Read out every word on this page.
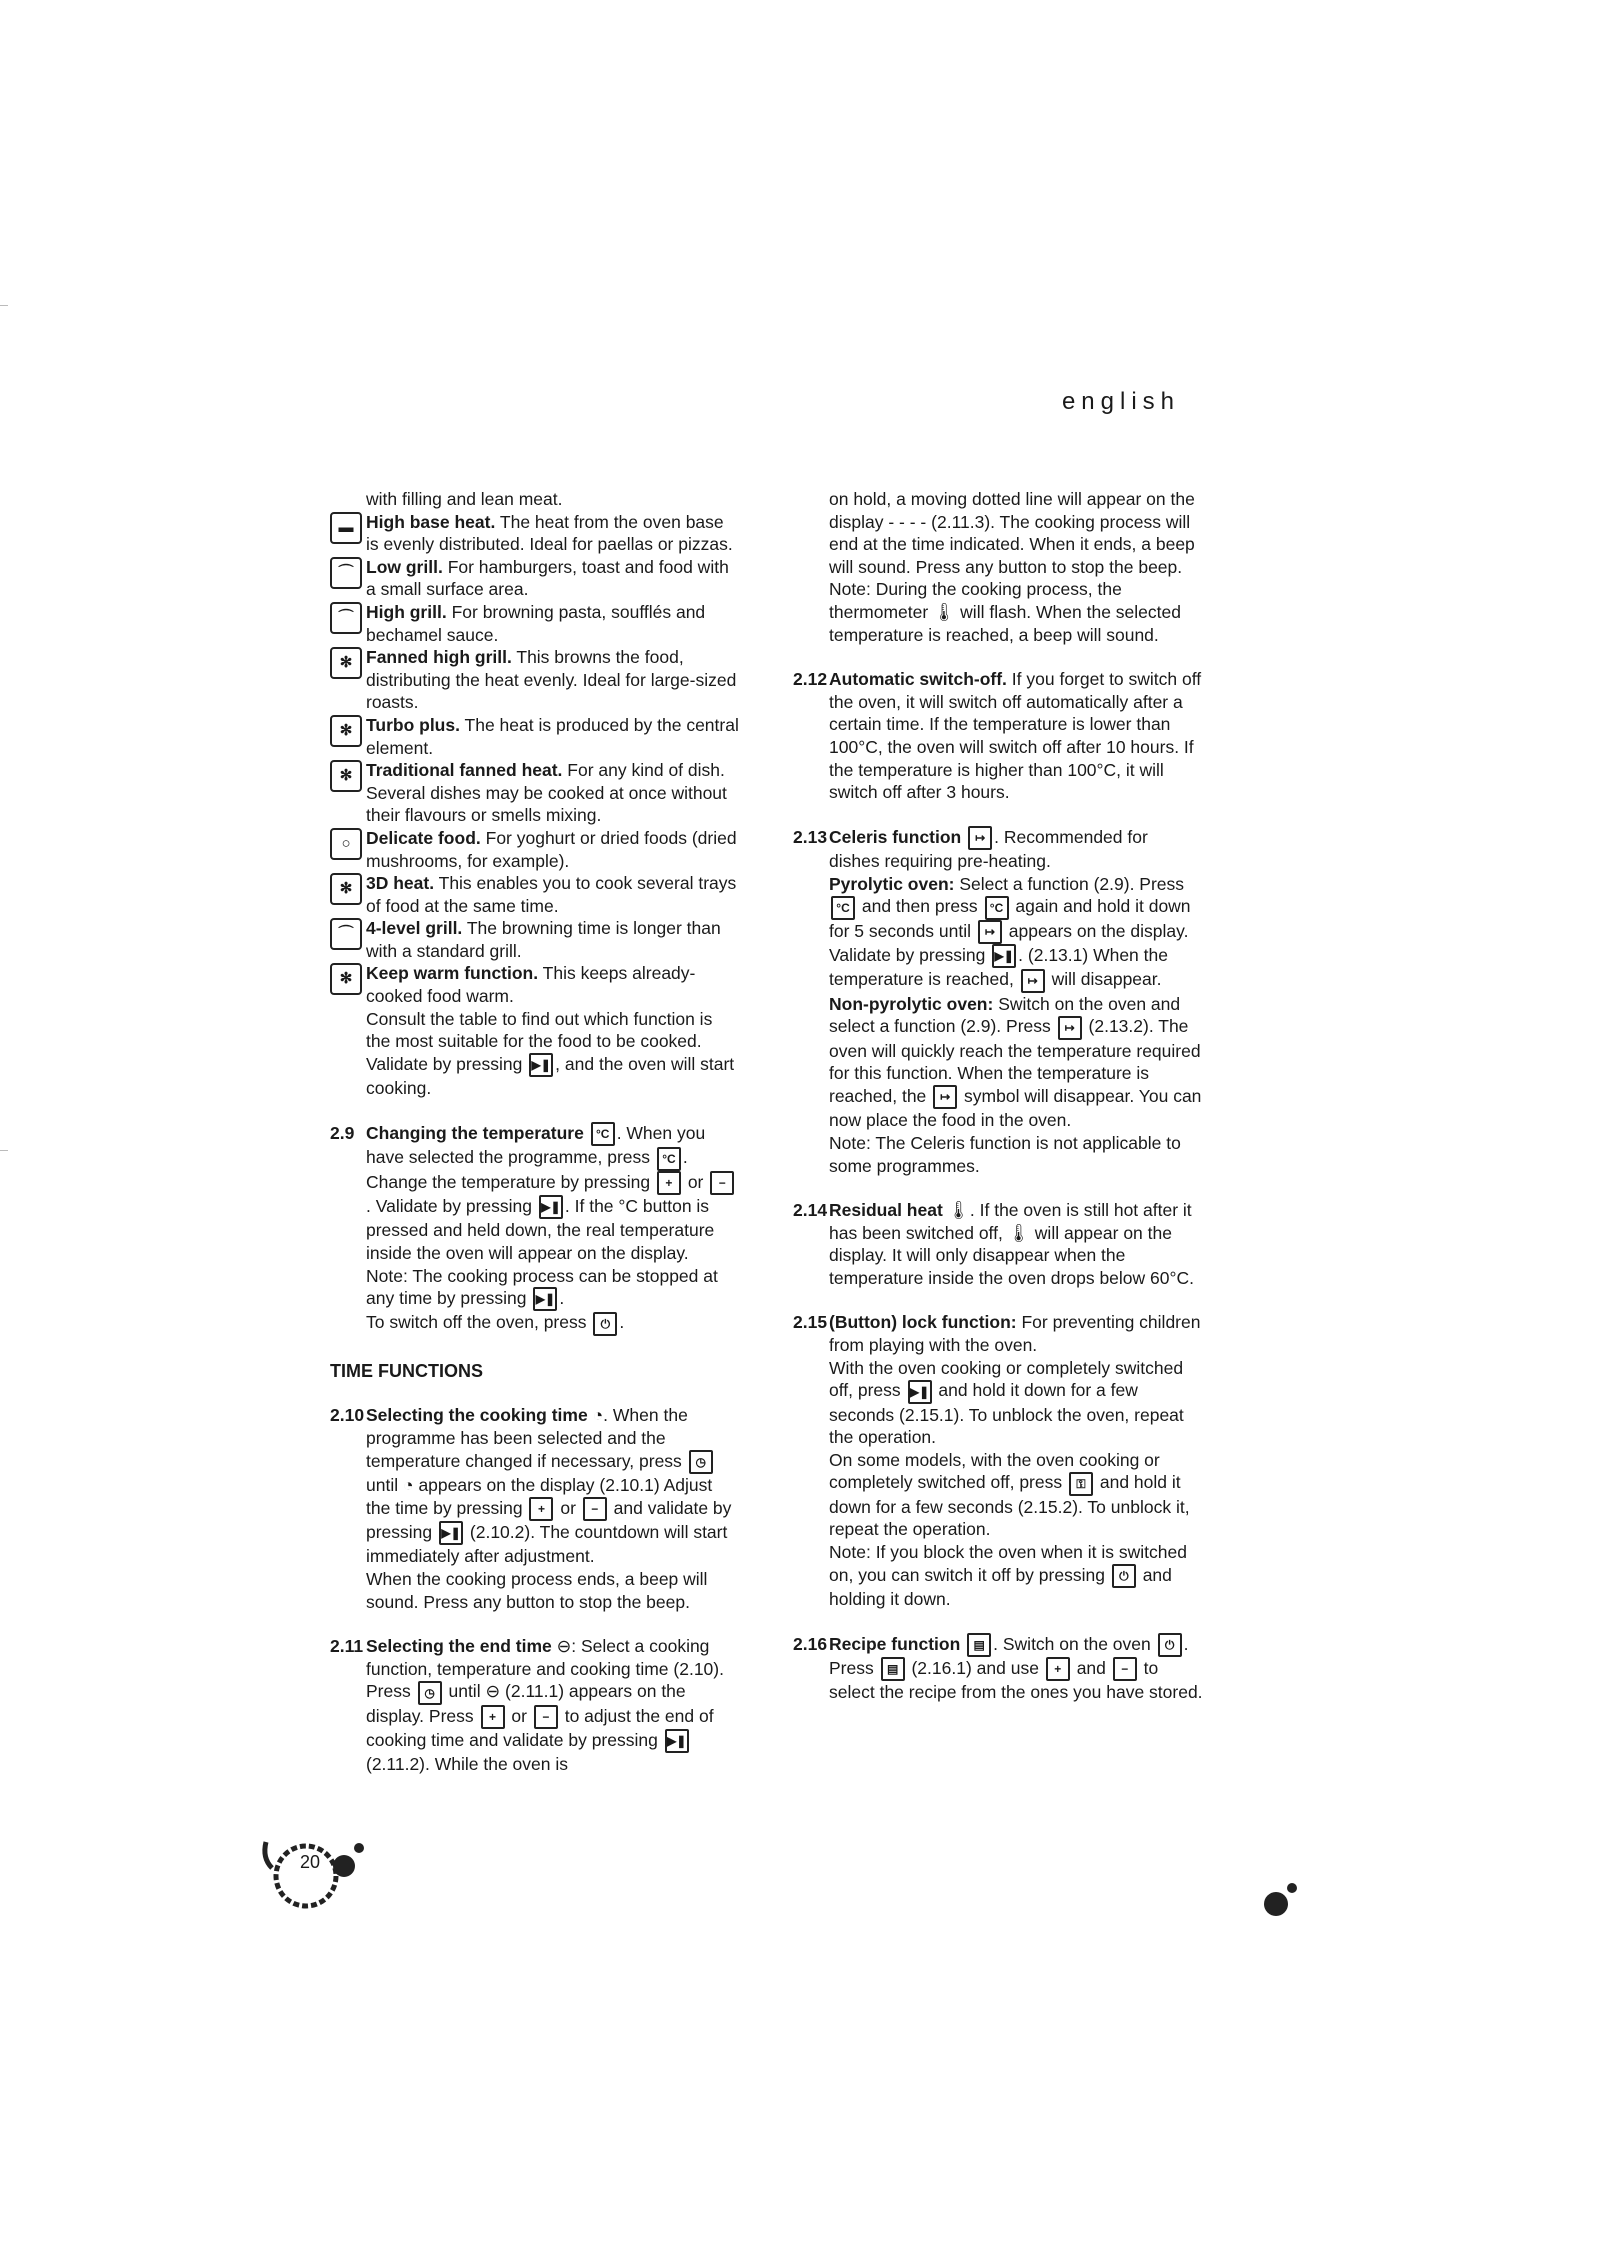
english
with filling and lean meat.
▬ High base heat. The heat from the oven base is evenly distributed. Ideal for paellas or pizzas.
⌒ Low grill. For hamburgers, toast and food with a small surface area.
⌒ High grill. For browning pasta, soufflés and bechamel sauce.
✻ Fanned high grill. This browns the food, distributing the heat evenly. Ideal for large-sized roasts.
✻ Turbo plus. The heat is produced by the central element.
✻ Traditional fanned heat. For any kind of dish. Several dishes may be cooked at once without their flavours or smells mixing.
○ Delicate food. For yoghurt or dried foods (dried mushrooms, for example).
✻ 3D heat. This enables you to cook several trays of food at the same time.
⌒ 4-level grill. The browning time is longer than with a standard grill.
✻ Keep warm function. This keeps already-cooked food warm.
Consult the table to find out which function is the most suitable for the food to be cooked. Validate by pressing ▶❚ , and the oven will start cooking.
2.9 Changing the temperature °C . When you have selected the programme, press °C . Change the temperature by pressing + or −. Validate by pressing ▶❚ . If the °C button is pressed and held down, the real temperature inside the oven will appear on the display.
Note: The cooking process can be stopped at any time by pressing ▶❚ .
To switch off the oven, press ⏻ .
TIME FUNCTIONS
2.10 Selecting the cooking time ◔. When the programme has been selected and the temperature changed if necessary, press ◷ until ◔ appears on the display (2.10.1) Adjust the time by pressing + or − and validate by pressing ▶❚ (2.10.2). The countdown will start immediately after adjustment.
When the cooking process ends, a beep will sound. Press any button to stop the beep.
2.11 Selecting the end time ⊖: Select a cooking function, temperature and cooking time (2.10). Press ◷ until ⊖ (2.11.1) appears on the display. Press + or − to adjust the end of cooking time and validate by pressing ▶❚ (2.11.2). While the oven is
on hold, a moving dotted line will appear on the display - - - - (2.11.3). The cooking process will end at the time indicated. When it ends, a beep will sound. Press any button to stop the beep.
Note: During the cooking process, the thermometer 🌡 will flash. When the selected temperature is reached, a beep will sound.
2.12 Automatic switch-off. If you forget to switch off the oven, it will switch off automatically after a certain time. If the temperature is lower than 100°C, the oven will switch off after 10 hours. If the temperature is higher than 100°C, it will switch off after 3 hours.
2.13 Celeris function ↦ . Recommended for dishes requiring pre-heating.
Pyrolytic oven: Select a function (2.9). Press °C and then press °C again and hold it down for 5 seconds until ↦ appears on the display. Validate by pressing ▶❚ . (2.13.1) When the temperature is reached, ↦ will disappear.
Non-pyrolytic oven: Switch on the oven and select a function (2.9). Press ↦ (2.13.2). The oven will quickly reach the temperature required for this function. When the temperature is reached, the ↦ symbol will disappear. You can now place the food in the oven.
Note: The Celeris function is not applicable to some programmes.
2.14 Residual heat 🌡. If the oven is still hot after it has been switched off, 🌡 will appear on the display. It will only disappear when the temperature inside the oven drops below 60°C.
2.15 (Button) lock function: For preventing children from playing with the oven.
With the oven cooking or completely switched off, press ▶❚ and hold it down for a few seconds (2.15.1). To unblock the oven, repeat the operation.
On some models, with the oven cooking or completely switched off, press ⚿ and hold it down for a few seconds (2.15.2). To unblock it, repeat the operation.
Note: If you block the oven when it is switched on, you can switch it off by pressing ⏻ and holding it down.
2.16 Recipe function ▤ . Switch on the oven ⏻ . Press ▤ (2.16.1) and use + and − to select the recipe from the ones you have stored.
20
